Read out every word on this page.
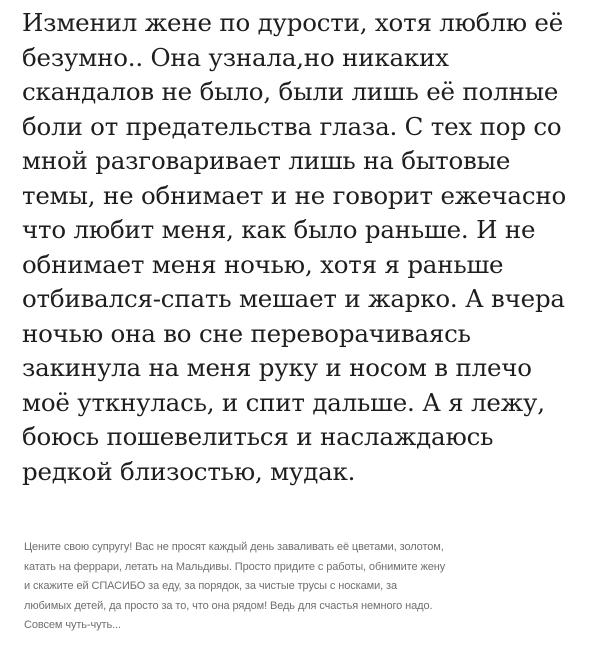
Изменил жене по дурости, хотя люблю её
безумно.. Она узнала,но никаких
скандалов не было, были лишь её полные
боли от предательства глаза. С тех пор со
мной разговаривает лишь на бытовые
темы, не обнимает и не говорит ежечасно
что любит меня, как было раньше. И не
обнимает меня ночью, хотя я раньше
отбивался-спать мешает и жарко. А вчера
ночью она во сне переворачиваясь
закинула на меня руку и носом в плечо
моё уткнулась, и спит дальше. А я лежу,
боюсь пошевелиться и наслаждаюсь
редкой близостью, мудак.
Цените свою супругу! Вас не просят каждый день заваливать её цветами, золотом,
катать на феррари, летать на Мальдивы. Просто придите с работы, обнимите жену
и скажите ей СПАСИБО за еду, за порядок, за чистые трусы с носками, за
любимых детей, да просто за то, что она рядом! Ведь для счастья немного надо.
Совсем чуть-чуть...
